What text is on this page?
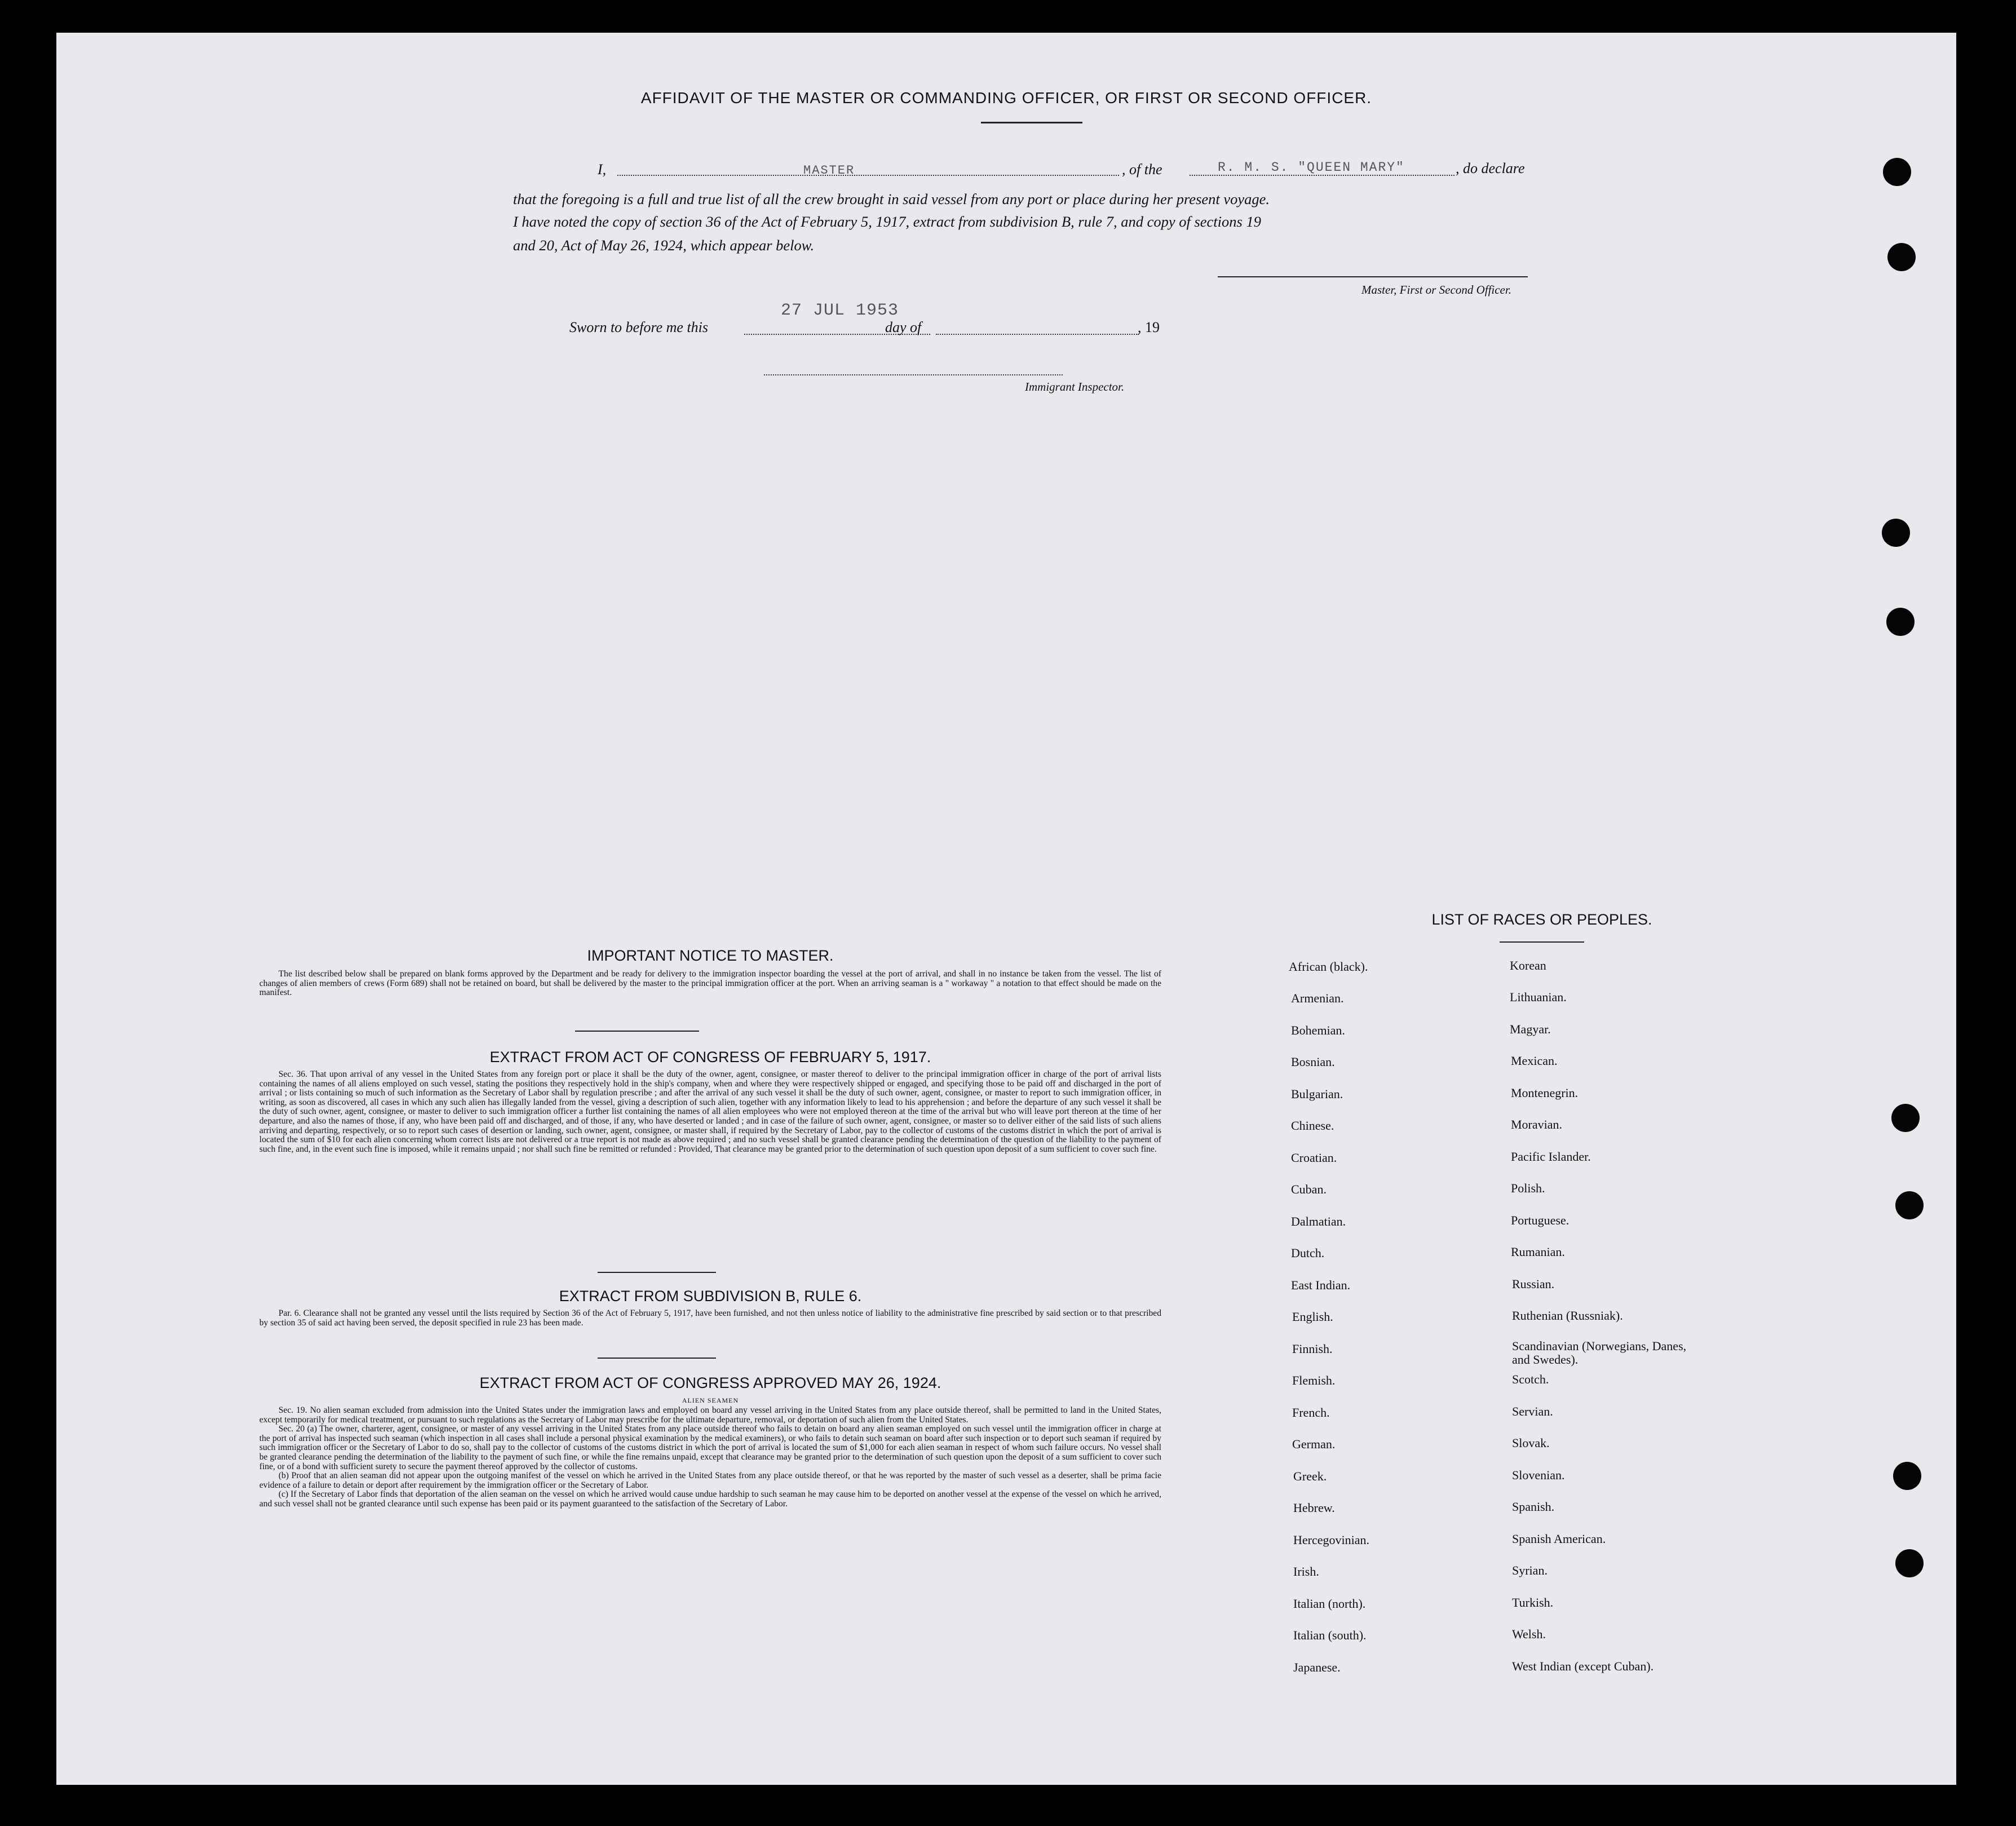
AFFIDAVIT OF THE MASTER OR COMMANDING OFFICER, OR FIRST OR SECOND OFFICER.
I,	MASTER	, of the	R. M. S. "QUEEN MARY"	, do declare
that the foregoing is a full and true list of all the crew brought in said vessel from any port or place during her present voyage.
I have noted the copy of section 36 of the Act of February 5, 1917, extract from subdivision B, rule 7, and copy of sections 19
and 20, Act of May 26, 1924, which appear below.
Master, First or Second Officer.
Sworn to before me this
27 JUL 1953
day of	, 19
Immigrant Inspector.
IMPORTANT NOTICE TO MASTER.

The list described below shall be prepared on blank forms approved by the Department and be ready for delivery to the immigration inspector boarding the vessel at the port of arrival, and shall in no instance be taken from the vessel. The list of changes of alien members of crews (Form 689) shall not be retained on board, but shall be delivered by the master to the principal immigration officer at the port. When an arriving seaman is a " workaway " a notation to that effect should be made on the manifest.

EXTRACT FROM ACT OF CONGRESS OF FEBRUARY 5, 1917.

Sec. 36. That upon arrival of any vessel in the United States from any foreign port or place it shall be the duty of the owner, agent, consignee, or master thereof to deliver to the principal immigration officer in charge of the port of arrival lists containing the names of all aliens employed on such vessel, stating the positions they respectively hold in the ship's company, when and where they were respectively shipped or engaged, and specifying those to be paid off and discharged in the port of arrival ; or lists containing so much of such information as the Secretary of Labor shall by regulation prescribe ; and after the arrival of any such vessel it shall be the duty of such owner, agent, consignee, or master to report to such immigration officer, in writing, as soon as discovered, all cases in which any such alien has illegally landed from the vessel, giving a description of such alien, together with any information likely to lead to his apprehension ; and before the departure of any such vessel it shall be the duty of such owner, agent, consignee, or master to deliver to such immigration officer a further list containing the names of all alien employees who were not employed thereon at the time of the arrival but who will leave port thereon at the time of her departure, and also the names of those, if any, who have been paid off and discharged, and of those, if any, who have deserted or landed ; and in case of the failure of such owner, agent, consignee, or master so to deliver either of the said lists of such aliens arriving and departing, respectively, or so to report such cases of desertion or landing, such owner, agent, consignee, or master shall, if required by the Secretary of Labor, pay to the collector of customs of the customs district in which the port of arrival is located the sum of $10 for each alien concerning whom correct lists are not delivered or a true report is not made as above required ; and no such vessel shall be granted clearance pending the determination of the question of the liability to the payment of such fine, and, in the event such fine is imposed, while it remains unpaid ; nor shall such fine be remitted or refunded : Provided, That clearance may be granted prior to the determination of such question upon deposit of a sum sufficient to cover such fine.

EXTRACT FROM SUBDIVISION B, RULE 6.

Par. 6. Clearance shall not be granted any vessel until the lists required by Section 36 of the Act of February 5, 1917, have been furnished, and not then unless notice of liability to the administrative fine prescribed by said section or to that prescribed by section 35 of said act having been served, the deposit specified in rule 23 has been made.

EXTRACT FROM ACT OF CONGRESS APPROVED MAY 26, 1924.
ALIEN SEAMEN

Sec. 19. No alien seaman excluded from admission into the United States under the immigration laws and employed on board any vessel arriving in the United States from any place outside thereof, shall be permitted to land in the United States, except temporarily for medical treatment, or pursuant to such regulations as the Secretary of Labor may prescribe for the ultimate departure, removal, or deportation of such alien from the United States.

Sec. 20 (a) The owner, charterer, agent, consignee, or master of any vessel arriving in the United States from any place outside thereof who fails to detain on board any alien seaman employed on such vessel until the immigration officer in charge at the port of arrival has inspected such seaman (which inspection in all cases shall include a personal physical examination by the medical examiners), or who fails to detain such seaman on board after such inspection or to deport such seaman if required by such immigration officer or the Secretary of Labor to do so, shall pay to the collector of customs of the customs district in which the port of arrival is located the sum of $1,000 for each alien seaman in respect of whom such failure occurs. No vessel shall be granted clearance pending the determination of the liability to the payment of such fine, or while the fine remains unpaid, except that clearance may be granted prior to the determination of such question upon the deposit of a sum sufficient to cover such fine, or of a bond with sufficient surety to secure the payment thereof approved by the collector of customs.

(b) Proof that an alien seaman did not appear upon the outgoing manifest of the vessel on which he arrived in the United States from any place outside thereof, or that he was reported by the master of such vessel as a deserter, shall be prima facie evidence of a failure to detain or deport after requirement by the immigration officer or the Secretary of Labor.

(c) If the Secretary of Labor finds that deportation of the alien seaman on the vessel on which he arrived would cause undue hardship to such seaman he may cause him to be deported on another vessel at the expense of the vessel on which he arrived, and such vessel shall not be granted clearance until such expense has been paid or its payment guaranteed to the satisfaction of the Secretary of Labor.

LIST OF RACES OR PEOPLES.
African (black).
Armenian.
Bohemian.
Bosnian.
Bulgarian.
Chinese.
Croatian.
Cuban.
Dalmatian.
Dutch.
East Indian.
English.
Finnish.
Flemish.
French.
German.
Greek.
Hebrew.
Hercegovinian.
Irish.
Italian (north).
Italian (south).
Japanese.
Korean
Lithuanian.
Magyar.
Mexican.
Montenegrin.
Moravian.
Pacific Islander.
Polish.
Portuguese.
Rumanian.
Russian.
Ruthenian (Russniak).
Scandinavian (Norwegians, Danes, and Swedes).
Scotch.
Servian.
Slovak.
Slovenian.
Spanish.
Spanish American.
Syrian.
Turkish.
Welsh.
West Indian (except Cuban).
